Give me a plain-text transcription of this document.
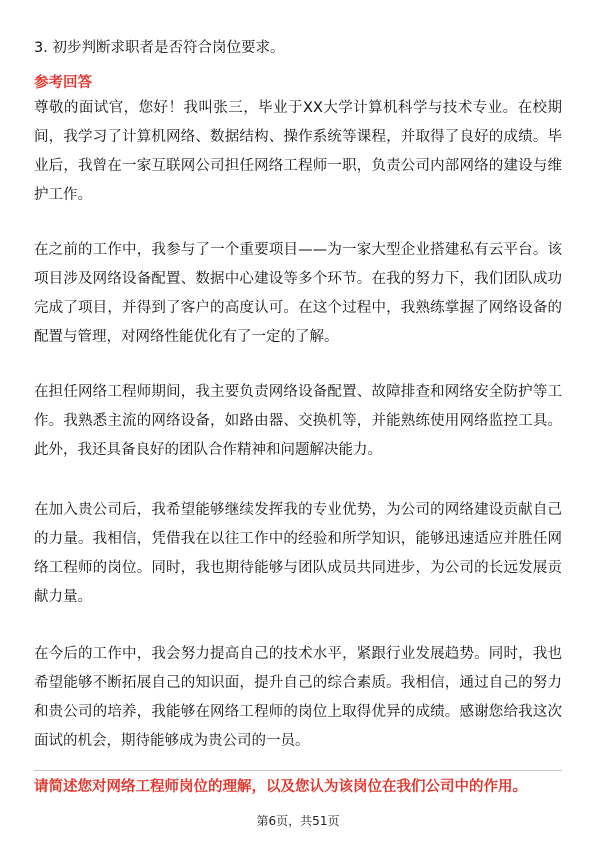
3. 初步判断求职者是否符合岗位要求。
参考回答
尊敬的面试官，您好！我叫张三，毕业于XX大学计算机科学与技术专业。在校期间，我学习了计算机网络、数据结构、操作系统等课程，并取得了良好的成绩。毕业后，我曾在一家互联网公司担任网络工程师一职，负责公司内部网络的建设与维护工作。
在之前的工作中，我参与了一个重要项目——为一家大型企业搭建私有云平台。该项目涉及网络设备配置、数据中心建设等多个环节。在我的努力下，我们团队成功完成了项目，并得到了客户的高度认可。在这个过程中，我熟练掌握了网络设备的配置与管理，对网络性能优化有了一定的了解。
在担任网络工程师期间，我主要负责网络设备配置、故障排查和网络安全防护等工作。我熟悉主流的网络设备，如路由器、交换机等，并能熟练使用网络监控工具。此外，我还具备良好的团队合作精神和问题解决能力。
在加入贵公司后，我希望能够继续发挥我的专业优势，为公司的网络建设贡献自己的力量。我相信，凭借我在以往工作中的经验和所学知识，能够迅速适应并胜任网络工程师的岗位。同时，我也期待能够与团队成员共同进步，为公司的长远发展贡献力量。
在今后的工作中，我会努力提高自己的技术水平，紧跟行业发展趋势。同时，我也希望能够不断拓展自己的知识面，提升自己的综合素质。我相信，通过自己的努力和贵公司的培养，我能够在网络工程师的岗位上取得优异的成绩。感谢您给我这次面试的机会，期待能够成为贵公司的一员。
请简述您对网络工程师岗位的理解，以及您认为该岗位在我们公司中的作用。
第6页，共51页
